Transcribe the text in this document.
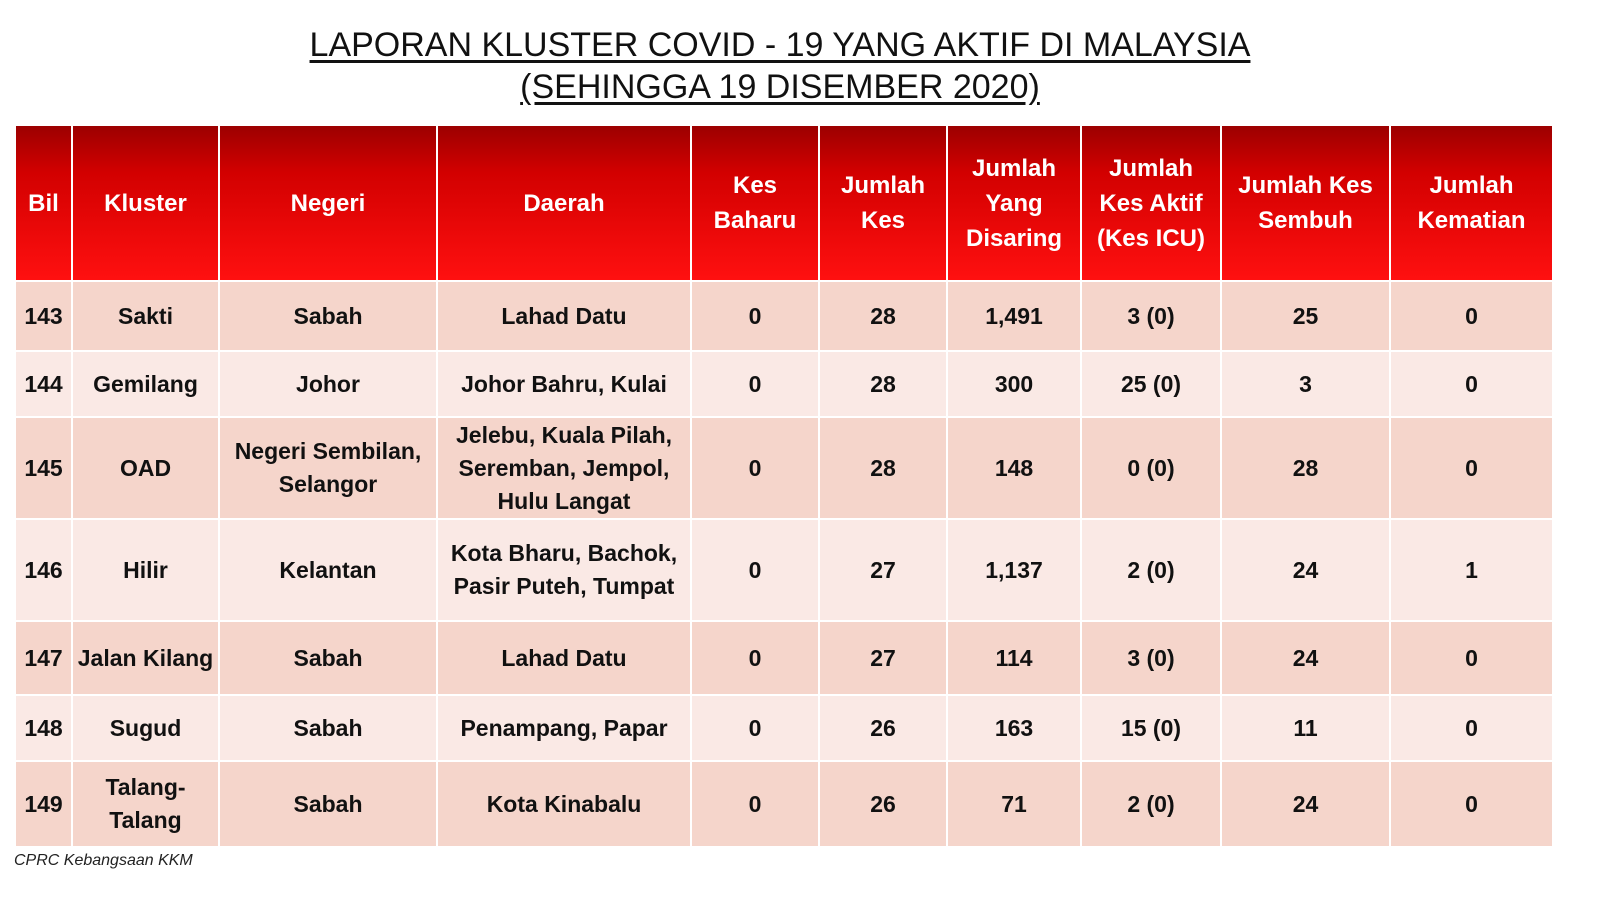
LAPORAN KLUSTER COVID - 19 YANG AKTIF DI MALAYSIA
(SEHINGGA 19 DISEMBER 2020)
Bil	Kluster	Negeri	Daerah	Kes Baharu	Jumlah Kes	Jumlah Yang Disaring	Jumlah Kes Aktif (Kes ICU)	Jumlah Kes Sembuh	Jumlah Kematian
143	Sakti	Sabah	Lahad Datu	0	28	1,491	3 (0)	25	0
144	Gemilang	Johor	Johor Bahru, Kulai	0	28	300	25 (0)	3	0
145	OAD	Negeri Sembilan, Selangor	Jelebu, Kuala Pilah, Seremban, Jempol, Hulu Langat	0	28	148	0 (0)	28	0
146	Hilir	Kelantan	Kota Bharu, Bachok, Pasir Puteh, Tumpat	0	27	1,137	2 (0)	24	1
147	Jalan Kilang	Sabah	Lahad Datu	0	27	114	3 (0)	24	0
148	Sugud	Sabah	Penampang, Papar	0	26	163	15 (0)	11	0
149	Talang-Talang	Sabah	Kota Kinabalu	0	26	71	2 (0)	24	0
CPRC Kebangsaan KKM
